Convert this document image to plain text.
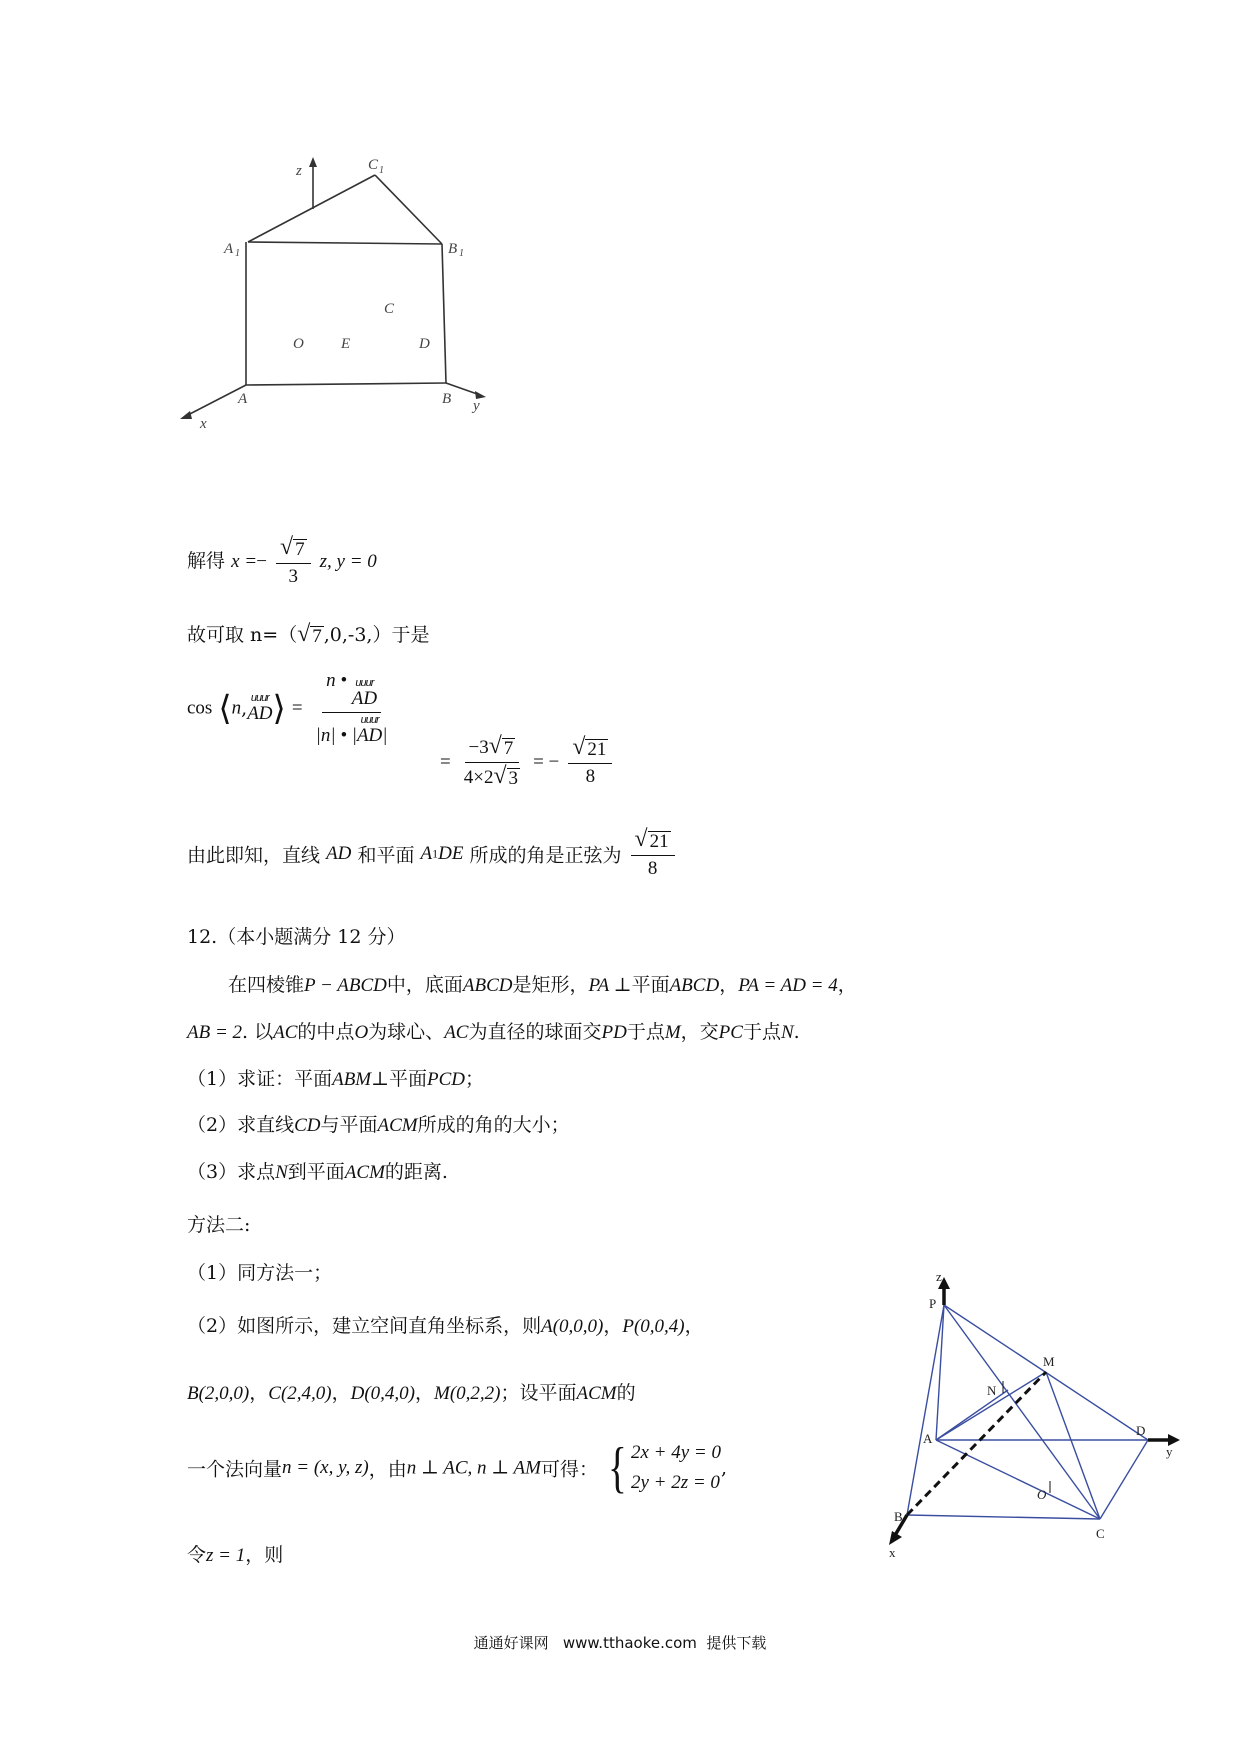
z	C 1
A 1	B 1
C
O E	D
A	B
x
y
解得 $x =- \frac{√ 7}{3} z$, y = 0
故可取 n=（ √ 7 ,0,-3,）于是
cos ⟨n, uuur
AD ⟩ = n • uuur
AD
|n| • |
uuur
AD |
= $\frac{-3 √ 7}{4\times 2 √ 3}$ = − $\frac{√ 21}{8}$
由此即知，直线 AD 和平面 A1DE 所成的角是正弦为 $\frac{√ 21}{8}$
12.（本小题满分 12 分）
在四棱锥P − ABCD中，底面ABCD是矩形，PA ⊥平面ABCD，PA = AD = 4，
AB = 2. 以AC的中点O为球心、AC为直径的球面交PD于点M，交PC于点N.
（1）求证：平面ABM⊥平面PCD；
（2）求直线CD与平面ACM所成的角的大小；
（3）求点N到平面ACM的距离.
方法二:
（1）同方法一；
（2）如图所示，建立空间直角坐标系，则A(0,0,0)，P(0,0,4)，
B(2,0,0)，C(2,4,0)，D(0,4,0)，M(0,2,2)；设平面ACM的
一个法向量n = (x, y, z)，由n ⊥ AC, n ⊥ AM可得： { 2x + 4y = 0
2y + 2z = 0
,
令z = 1，则
z
P
N
M
D
y
A
O
B
x
C
通通好课网   www.tthaoke.com  提供下载
